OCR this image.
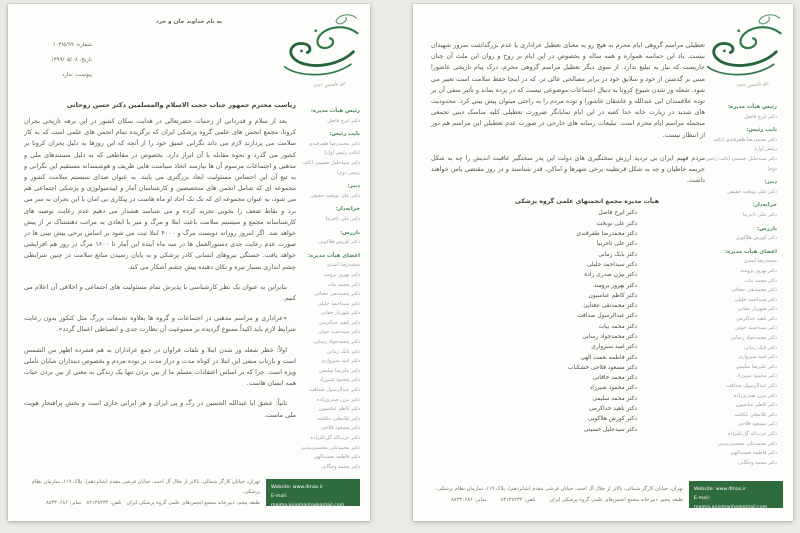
حق تأسیس ۱۳۷۲
به نام خداوند جان و خرد
شماره: ۱۰۳/۵/۹۹
تاریخ: ۱۳۹۹/۰۵/۰۸
پیوست: ندارد
ریاست محترم جمهور جناب حجت الاسلام والمسلمین دکتر حسن روحانی

بعد از سلام و قدردانی از زحمات حضرتعالی در هدایت سکان کشور در این برهه تاریخی بحران کرونا، مجمع انجمن های علمی گروه پزشکی ایران که برگزیده تمام انجمن های علمی است که به کار سلامت می پردازند لازم می داند نگرانی عمیق خود را از آنچه که این روزها به دلیل بحران کرونا بر کشور می گذرد و نحوه مقابله با آن ابراز دارد. بخصوص در مقاطعی که به دلیل مستندهای ملی و مذهبی و اجتماعات مرسوم آن ها نیازمند اتخاذ سیاست هایی ظریف و هوشمندانه مستقیم این نگرانی و به تبع آن این احساس مسئولیت ابعاد بزرگتری می یابند. به عنوان صدای سیستم سلامت کشور و مجموعه ای که شامل انجمن های متخصصین و کارشناسان آمار و اپیدمیولوژی و پزشکی اجتماعی هم می شود، به عنوان مجموعه ای که تک تک آحاد او ماه هاست در پیکاری بی امان با این بحران به سر می برد و نقاط ضعف را بخوبی تجربه کرده و می شناسد هشدار می دهیم عدم رعایت توصیه های کارشناسانه مجمع و سیستم سلامت باعث ابتلا و مرگ و میر با ابعادی به مراتب دهشتناک تر از پیش خواهد شد. اگر امروز روزانه دویست مرگ و ۴۰۰۰ ابتلا ثبت می شود بر اساس برخی پیش بینی ها در صورت عدم رعایت جدی دستورالعمل ها در سه ماه آینده این آمار تا ۱۶۰۰ مرگ در روز هم افزایشی خواهد یافت. خستگی نیروهای انسانی کادر پزشکی و به پایان رسیدن منابع سلامت در چنین شرایطی چشم اندازی بسیار تیره و تکان دهنده پیش چشم آشکار می کند.

بنابراین به عنوان یک نظر کارشناسی با پذیرش تمام مسئولیت های اجتماعی و اخلاقی آن اعلام می کنیم.

«عزاداری و مراسم مذهبی در اجتماعات و گروه ها بعلاوه تجمعات بزرگ مثل کنکور بدون رعایت شرایط لازم باید اکیداً ممنوع گردیده بر ممنوعیت آن نظارت جدی و انضباطی اعمال گردد».

اولاً: خطر شعله ور شدن ابتلا و تلفات فراوان در جمع عزاداران به هم فشرده اظهر من الشمس است و بازتاب منفی این ابتلا در کوتاه مدت و دراز مدت بر توده مردم و بخصوص دینداران شایان تأملی ویژه است. چرا که بر اساس اعتقادات مسلم ما از بین بردن تنها یک زندگی به معنی از بین بردن حیات همه انسان هاست.

ثانیاً: عشق ابا عبدالله الحسین در رگ و پی ایران و هر ایرانی جاری است و بخش پرافتخار هویت ملی ماست.

رئیس هیأت مدیره:
دکتر ایرج فاضل
نایب رئیس:
دکتر محمدرضا ظفرقندی (نائب رئیس اول)
دکتر سیدجلیل حسینی (نائب رئیس دوم)
دبیر:
دکتر علی نوبخت حقیقی
خزانه‌دار:
دکتر علی تاجرنیا
بازرس:
دکتر کورش هلاکویی
اعضای هیأت مدیره:
محمدرضا اسدی
دکتر بهروز برومند
دکتر محمد بیات
دکتر محمدتقی جغتائی
دکتر سیداحمد جلیلی
دکتر شهریار حقانی
دکتر ناهید خداکرمی
دکتر سیدحمید خوئی
دکتر محمدجواد رسایی
دکتر بابک زمانی
دکتر امید سبزواری
دکتر علیرضا سلیمی
دکتر محمود شیرزاد
دکتر عبدالرسول صداقت
دکتر بیژن صدری‌زاده
دکتر کاظم عباسیون
دکتر غلامعلی عکاشه
دکتر مسعود فلاحی
دکتر عزت‌اله گل‌علیزاده
دکتر محمدعلی محسنی‌بندپی
دکتر فاطمه نعمت‌الهی
دکتر محمد وجگانی
Website: www.ifmas.ir
E-mail: majma.anjomanha@gmail.com
تهران، خیابان کارگر شمالی، بالاتر از جلال آل احمد، خیابان فرشی مقدم (شانزدهم)، پلاک ۱۱۹، سازمان نظام پزشکی،
طبقه پنجم، دبیرخانه مجمع انجمن‌های علمی گروه پزشکی ایران
تلفن: ۸۴۱۳۸۲۳۴
نمابر: ۸۸۳۳۰۶۸۶
حق تأسیس ۱۳۷۲

تعطیلی مراسم گروهی ایام محرم به هیچ رو به معنای تعطیل عزاداری یا عدم بزرگداشت سرور شهیدان نیست. یاد این حماسه همواره و همه ساله و بخصوص در این ایام بر روح و روان این ملت آن چنان جاریست که نیاز به تبلیغ ندارد. از سوی دیگر تعطیل مراسم گروهی محرم، درک پیام تاریخی عاشورا مبنی بر گذشتن از خود و سلایق خود در برابر مصالحی عالی تر، که در اینجا حفظ سلامت است تعبیر می شود. شعله ور شدن شیوع کرونا به دنبال اجتماعات موضوعی نیست که در پرده بماند و تأثیر منفی آن بر توده علاقمندان ابی عبدالله و عاشقان عاشورا و توده مردم را به راحتی میتوان پیش بینی کرد. محدودیت های شدید در زیارت خانه خدا کعبه در این ایام نمایانگر ضرورت تعطیلی کلیه مناسک دینی تجمعی منجمله مراسم ایام محرم است. تبلیغات رسانه های خارجی در صورت عدم تعطیلی این مراسم هم دور از انتظار نیست.

مردم فهیم ایران بی تردید ارزش سختگیری های دولت این پدر سختگیر عاقبت اندیش را چه به شکل جریمه خاطیان و چه به شکل قرنطینه برخی شهرها و اماکن، قدر شناسند و در روز مقتضی پاس خواهند داشت.

هیأت مدیره مجمع انجمنهای علمی گروه پزشکی
دکتر ایرج فاضل
دکتر علی نوبخت
دکتر محمدرضا ظفرقندی
دکتر علی تاجرنیا
دکتر بابک زمانی
دکتر سیداحمد جلیلی
دکتر بیژن صدری زاده
دکتر بهروز برومند
دکتر کاظم عباسیون
دکتر محمدتقی جغتایی
دکتر عبدالرسول صداقت
دکتر محمد بیات
دکتر محمدجواد رسایی
دکتر امید سبزواری
دکتر فاطمه نعمت الهی
دکتر مسعود فلاحی خشکناب
دکتر محمد خاقانی
دکتر محمود شیرزاد
دکتر محمد سلیمی
دکتر ناهید خداکرمی
دکتر کورش هلاکویی
دکتر سیدجلیل حسینی
رئیس هیأت مدیره:
دکتر ایرج فاضل
نایب رئیس:
دکتر محمدرضا ظفرقندی (نائب رئیس اول)
دکتر سیدجلیل حسینی (نائب رئیس دوم)
دبیر:
دکتر علی نوبخت حقیقی
خزانه‌دار:
دکتر علی تاجرنیا
بازرس:
دکتر کورش هلاکویی
اعضای هیأت مدیره:
محمدرضا اسدی
دکتر بهروز برومند
دکتر محمد بیات
دکتر محمدتقی جغتائی
دکتر سیداحمد جلیلی
دکتر شهریار حقانی
دکتر ناهید خداکرمی
دکتر سیدحمید خوئی
دکتر محمدجواد رسایی
دکتر بابک زمانی
دکتر امید سبزواری
دکتر علیرضا سلیمی
دکتر محمود شیرزاد
دکتر عبدالرسول صداقت
دکتر بیژن صدری‌زاده
دکتر کاظم عباسیون
دکتر غلامعلی عکاشه
دکتر مسعود فلاحی
دکتر عزت‌اله گل‌علیزاده
دکتر محمدعلی محسنی‌بندپی
دکتر فاطمه نعمت‌الهی
دکتر محمد وجگانی
Website: www.ifmas.ir
E-mail: majma.anjomanha@gmail.com
تهران، خیابان کارگر شمالی، بالاتر از جلال آل احمد، خیابان فرشی مقدم (شانزدهم)، پلاک ۱۱۹، سازمان نظام پزشکی،
طبقه پنجم، دبیرخانه مجمع انجمن‌های علمی گروه پزشکی ایران
تلفن: ۸۴۱۳۸۲۳۴
نمابر: ۸۸۳۳۰۶۸۶
